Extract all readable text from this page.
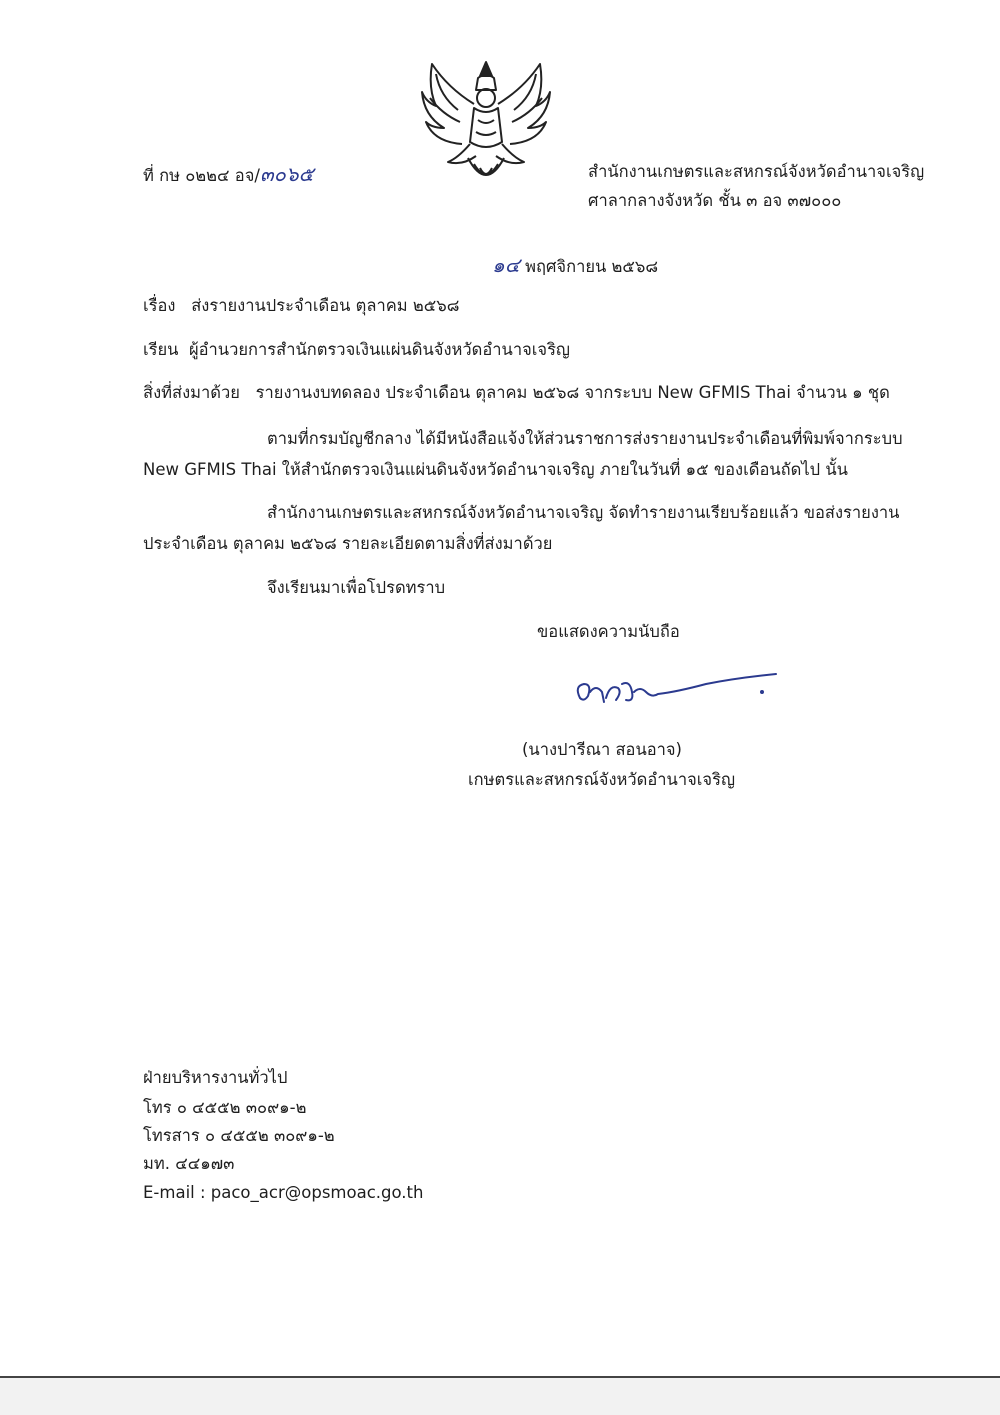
ที่ กษ ๐๒๒๔ อจ/๓๐๖๕	สำนักงานเกษตรและสหกรณ์จังหวัดอำนาจเจริญ
ศาลากลางจังหวัด ชั้น ๓ อจ ๓๗๐๐๐
๑๔ พฤศจิกายน ๒๕๖๘
เรื่อง ส่งรายงานประจำเดือน ตุลาคม ๒๕๖๘
เรียน ผู้อำนวยการสำนักตรวจเงินแผ่นดินจังหวัดอำนาจเจริญ
สิ่งที่ส่งมาด้วย รายงานงบทดลอง ประจำเดือน ตุลาคม ๒๕๖๘ จากระบบ New GFMIS Thai จำนวน ๑ ชุด
ตามที่กรมบัญชีกลาง ได้มีหนังสือแจ้งให้ส่วนราชการส่งรายงานประจำเดือนที่พิมพ์จากระบบ
New GFMIS Thai ให้สำนักตรวจเงินแผ่นดินจังหวัดอำนาจเจริญ ภายในวันที่ ๑๕ ของเดือนถัดไป นั้น
สำนักงานเกษตรและสหกรณ์จังหวัดอำนาจเจริญ จัดทำรายงานเรียบร้อยแล้ว ขอส่งรายงาน
ประจำเดือน ตุลาคม ๒๕๖๘ รายละเอียดตามสิ่งที่ส่งมาด้วย
จึงเรียนมาเพื่อโปรดทราบ
ขอแสดงความนับถือ
(นางปารีณา สอนอาจ)
เกษตรและสหกรณ์จังหวัดอำนาจเจริญ
ฝ่ายบริหารงานทั่วไป
โทร ๐ ๔๕๕๒ ๓๐๙๑-๒
โทรสาร ๐ ๔๕๕๒ ๓๐๙๑-๒
มท. ๔๔๑๗๓
E-mail : paco_acr@opsmoac.go.th
